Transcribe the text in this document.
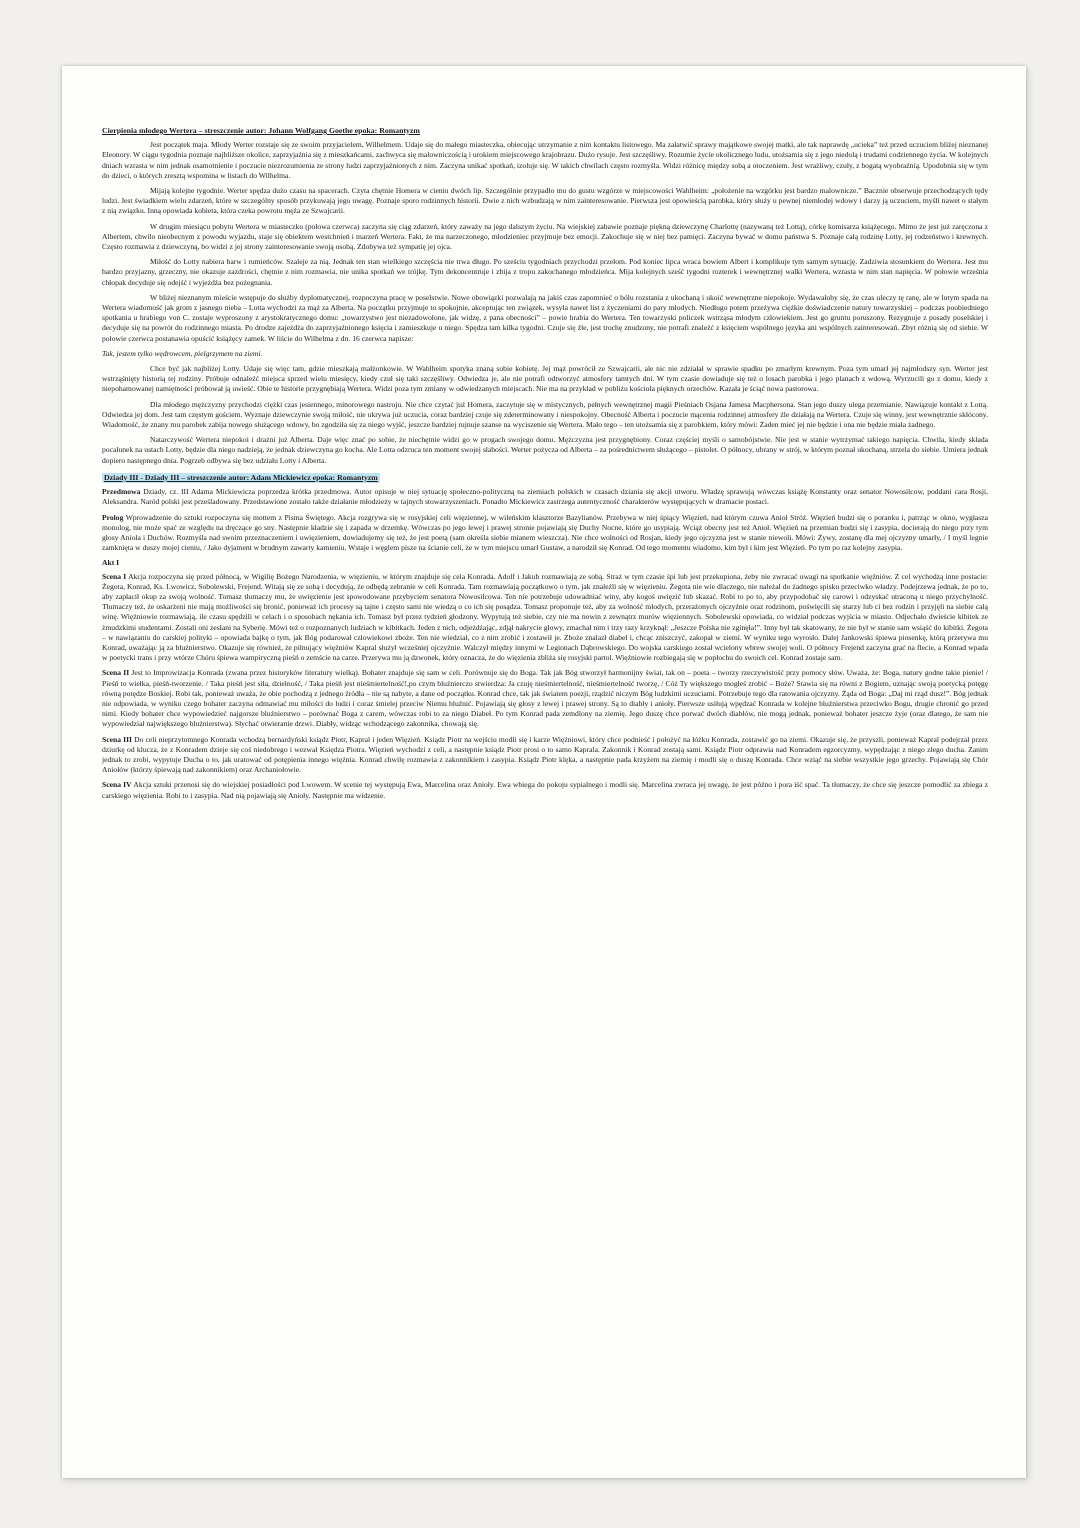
Cierpienia młodego Wertera – streszczenie autor: Johann Wolfgang Goethe epoka: Romantyzm

Jest początek maja. Młody Werter rozstaje się ze swoim przyjacielem, Wilhelmem. Udaje się do małego miasteczka, obiecując utrzymanie z nim kontaktu listowego. Ma załatwić sprawy majątkowe swojej matki, ale tak naprawdę „ucieka” też przed uczuciem bliżej nieznanej Eleonory. W ciągu tygodnia poznaje najbliższe okolice, zaprzyjaźnia się z mieszkańcami, zachwyca się malowniczością i urokiem miejscowego krajobrazu. Dużo rysuje. Jest szczęśliwy. Rozumie życie okolicznego ludu, utożsamia się z jego niedolą i trudami codziennego życia. W kolejnych dniach wzrasta w nim jednak osamotnienie i poczucie niezrozumienia ze strony ludzi zaprzyjaźnionych z nim. Zaczyna unikać spotkań, izoluje się. W takich chwilach często rozmyśla. Widzi różnicę między sobą a otoczeniem. Jest wrażliwy, czuły, z bogatą wyobraźnią. Upodobnia się w tym do dzieci, o których zresztą wspomina w listach do Wilhelma.

Mijają kolejne tygodnie. Werter spędza dużo czasu na spacerach. Czyta chętnie Homera w cieniu dwóch lip. Szczególnie przypadło mu do gustu wzgórze w miejscowości Wahlheim: „położenie na wzgórku jest bardzo malownicze.” Bacznie obserwuje przechodzących tędy ludzi. Jest świadkiem wielu zdarzeń, które w szczególny sposób przykuwają jego uwagę. Poznaje sporo rodzinnych historii. Dwie z nich wzbudzają w nim zainteresowanie. Pierwsza jest opowieścią parobka, który służy u pewnej niemłodej wdowy i darzy ją uczuciem, myśli nawet o stałym z nią związku. Inną opowiada kobieta, która czeka powrotu męża ze Szwajcarii.

W drugim miesiącu pobytu Wertera w miasteczku (połowa czerwca) zaczyna się ciąg zdarzeń, który zaważy na jego dalszym życiu. Na wiejskiej zabawie poznaje piękną dziewczynę Charlottę (nazywaną też Lottą), córkę komisarza książęcego. Mimo że jest już zaręczona z Albertem, chwilo nieobecnym z powodu wyjazdu, staje się obiektem westchnień i marzeń Wertera. Fakt, że ma narzeczonego, młodzieniec przyjmuje bez emocji. Zakochuje się w niej bez pamięci. Zaczyna bywać w domu państwa S. Poznaje całą rodzinę Lotty, jej rodzeństwo i krewnych. Często rozmawia z dziewczyną, bo widzi z jej strony zainteresowanie swoją osobą. Zdobywa też sympatię jej ojca.

Miłość do Lotty nabiera barw i rumieńców. Szaleje za nią. Jednak ten stan wielkiego szczęścia nie trwa długo. Po sześciu tygodniach przychodzi przełom. Pod koniec lipca wraca bowiem Albert i komplikuje tym samym sytuację. Zadziwia stosunkiem do Wertera. Jest mu bardzo przyjazny, grzeczny, nie okazuje zazdrości, chętnie z nim rozmawia, nie unika spotkań we trójkę. Tym dekoncentruje i zbija z tropu zakochanego młodzieńca. Mija kolejnych sześć tygodni rozterek i wewnętrznej walki Wertera, wzrasta w nim stan napięcia. W połowie września chłopak decyduje się odejść i wyjeżdża bez pożegnania.

W bliżej nieznanym mieście wstępuje do służby dyplomatycznej, rozpoczyna pracę w poselstwie. Nowe obowiązki pozwalają na jakiś czas zapomnieć o bólu rozstania z ukochaną i ukoić wewnętrzne niepokoje. Wydawałoby się, że czas uleczy tę ranę, ale w lutym spada na Wertera wiadomość jak grom z jasnego nieba – Lotta wychodzi za mąż za Alberta. Na początku przyjmuje to spokojnie, akceptując ten związek, wysyła nawet list z życzeniami do pary młodych. Niedługo potem przeżywa ciężkie doświadczenie natury towarzyskiej – podczas poobiedniego spotkania u hrabiego von C. zostaje wyproszony z arystokratycznego domu: „towarzystwo jest niezadowolone, jak widzę, z pana obecności” – powie hrabia do Wertera. Ten towarzyski policzek wstrząsa młodym człowiekiem. Jest go gruntu poruszony. Rezygnuje z posady poselskiej i decyduje się na powrót do rodzinnego miasta. Po drodze zajeżdża do zaprzyjaźnionego księcia i zamieszkuje u niego. Spędza tam kilka tygodni. Czuje się źle, jest trochę znudzony, nie potrafi znaleźć z księciem wspólnego języka ani wspólnych zainteresowań. Zbyt różnią się od siebie. W połowie czerwca postanawia opuścić książęcy zamek. W liście do Wilhelma z dn. 16 czerwca napisze:

Tak, jestem tylko wędrowcem, pielgrzymem na ziemi.

Chce być jak najbliżej Lotty. Udaje się więc tam, gdzie mieszkają małżonkowie. W Wahlheim spotyka znaną sobie kobietę. Jej mąż powrócił ze Szwajcarii, ale nic nie zdziałał w sprawie spadku po zmarłym krewnym. Poza tym umarł jej najmłodszy syn. Werter jest wstrząśnięty historią tej rodziny. Próbuje odnaleźć miejsca sprzed wielu miesięcy, kiedy czuł się taki szczęśliwy. Odwiedza je, ale nie potrafi odtworzyć atmosfery tamtych dni. W tym czasie dowiaduje się też o losach parobka i jego planach z wdową. Wyrzucili go z domu, kiedy z niepohamowanej namiętności próbował ją uwieść. Obie te historie przygnębiają Wertera. Widzi poza tym zmiany w odwiedzanych miejscach. Nie ma na przykład w pobliżu kościoła pięknych orzechów. Kazała je ściąć nowa pastorowa.

Dla młodego mężczyzny przychodzi ciężki czas jesiennego, minorowego nastroju. Nie chce czytać już Homera, zaczytuje się w mistycznych, pełnych wewnętrznej magii Pieśniach Osjana Jamesa Macphersona. Stan jego duszy ulega przemianie. Nawiązuje kontakt z Lottą. Odwiedza jej dom. Jest tam częstym gościem. Wyznaje dziewczynie swoją miłość, nie ukrywa już uczucia, coraz bardziej czuje się zdeterminowany i niespokojny. Obecność Alberta i poczucie mącenia rodzinnej atmosfery źle działają na Wertera. Czuje się winny, jest wewnętrznie skłócony. Wiadomość, że znany mu parobek zabija nowego służącego wdowy, bo zgodziła się za niego wyjść, jeszcze bardziej rujnuje szanse na wyciszenie się Wertera. Mało tego – ten utożsamia się z parobkiem, który mówi: Żaden mieć jej nie będzie i ona nie będzie miała żadnego.

Natarczywość Wertera niepokoi i drażni już Alberta. Daje więc znać po sobie, że niechętnie widzi go w progach swojego domu. Mężczyzna jest przygnębiony. Coraz częściej myśli o samobójstwie. Nie jest w stanie wytrzymać takiego napięcia. Chwila, kiedy składa pocałunek na ustach Lotty, będzie dla niego nadzieją, że jednak dziewczyna go kocha. Ale Lotta odzruca ten moment swojej słabości. Werter pożycza od Alberta – za pośrednictwem służącego – pistolet. O północy, ubrany w strój, w którym poznał ukochaną, strzela do siebie. Umiera jednak dopiero następnego dnia. Pogrzeb odbywa się bez udziału Lotty i Alberta.

Dziady III - Dziady III – streszczenie autor: Adam Mickiewicz epoka: Romantyzm

Przedmowa Dziady, cz. III Adama Mickiewicza poprzedza krótka przedmowa. Autor opisuje w niej sytuację społeczno-polityczną na ziemiach polskich w czasach dziania się akcji utworu. Władzę sprawują wówczas książę Konstanty oraz senator Nowosilcow, poddani cara Rosji, Aleksandra. Naród polski jest prześladowany. Przedstawione zostało także działanie młodzieży w tajnych stowarzyszeniach. Ponadto Mickiewicz zastrzega autentyczność charakterów występujących w dramacie postaci.

Prolog Wprowadzenie do sztuki rozpoczyna się mottem z Pisma Świętego. Akcja rozgrywa się w rosyjskiej celi więziennej, w wileńskim klasztorze Bazylianów. Przebywa w niej śpiący Więzień, nad którym czuwa Anioł Stróż. Więzień budzi się o poranku i, patrząc w okno, wygłasza monolog, nie może spać ze względu na dręczące go sny. Następnie kładzie się i zapada w drzemkę. Wówczas po jego lewej i prawej stronie pojawiają się Duchy Nocne, które go usypiają. Wciąż obecny jest też Anioł. Więzień na przemian budzi się i zasypia, docierają do niego przy tym głosy Anioła i Duchów. Rozmyśla nad swoim przeznaczeniem i uwięzieniem, dowiadujemy się też, że jest poetą (sam określa siebie mianem wieszcza). Nie chce wolności od Rosjan, kiedy jego ojczyzna jest w stanie niewoli. Mówi: Żywy, zostanę dla mej ojczyzny umarły, / I myśl legnie zamknięta w duszy mojej cieniu, / Jako dyjament w brudnym zawarty kamieniu. Wstaje i węglem pisze na ścianie celi, że w tym miejscu umarł Gustaw, a narodził się Konrad. Od tego momentu wiadomo, kim był i kim jest Więzień. Po tym po raz kolejny zasypia.

Akt I

Scena I Akcja rozpoczyna się przed północą, w Wigilię Bożego Narodzenia, w więzieniu, w którym znajduje się cela Konrada. Adolf i Jakub rozmawiają ze sobą. Straż w tym czasie śpi lub jest przekupiona, żeby nie zwracać uwagi na spotkanie więźniów. Z cel wychodzą inne postacie: Żegota, Konrad, Ks. Lwowicz, Sobolewski, Frejend. Witają się ze sobą i decydują, że odbędą zebranie w celi Konrada. Tam rozmawiają początkowo o tym, jak znaleźli się w więzieniu. Żegota nie wie dlaczego, nie należał do żadnego spisku przeciwko władzy. Podejrzewa jednak, że po to, aby zapłacił okup za swoją wolność. Tomasz tłumaczy mu, że uwięzienie jest spowodowane przybyciem senatora Nowosilcowa. Ten nie potrzebuje udowadniać winy, aby kogoś uwięzić lub skazać. Robi to po to, aby przypodobać się carowi i odzyskać utraconą u niego przychylność. Tłumaczy też, że oskarżeni nie mają możliwości się bronić, ponieważ ich procesy są tajne i często sami nie wiedzą o co ich się posądza. Tomasz proponuje też, aby za wolność młodych, przerażonych ojczyźnie oraz rodzinom, poświęcili się starzy lub ci bez rodzin i przyjęli na siebie całą winę. Więźniowie rozmawiają, ile czasu spędzili w celach i o sposobach nękania ich. Tomasz był przez tydzień głodzony. Wypytują też siebie, czy nie ma nowin z zewnątrz murów więziennych. Sobolewski opowiada, co widział podczas wyjścia w miasto. Odjechało dwieście kibitek ze żmudzkimi studentami. Zostali oni zesłani na Syberię. Mówi też o rozpoznanych ludziach w kibitkach. Jeden z nich, odjeżdżając, zdjął nakrycie głowy, zmachał nim i trzy razy krzyknął: „Jeszcze Polska nie zginęła!”. Inny był tak skatowany, że nie był w stanie sam wsiąść do kibitki. Żegota – w nawiązaniu do carskiej polityki – opowiada bajkę o tym, jak Bóg podarował człowiekowi zboże. Ten nie wiedział, co z nim zrobić i zostawił je. Zboże znalazł diabeł i, chcąc zniszczyć, zakopał w ziemi. W wyniku tego wyrosło. Dalej Jankowski śpiewa piosenkę, którą przerywa mu Konrad, uważając ją za bluźnierstwo. Okazuje się również, że pilnujący więźniów Kapral służył wcześniej ojczyźnie. Walczył między innymi w Legionach Dąbrowskiego. Do wojska carskiego został wcielony wbrew swojej woli. O północy Frejend zaczyna grać na flecie, a Konrad wpada w poetycki trans i przy wtórze Chóru śpiewa wampiryczną pieśń o zemście na carze. Przerywa mu ją dzwonek, który oznacza, że do więzienia zbliża się rosyjski partol. Więźniowie rozbiegają się w popłochu do swoich cel. Konrad zostaje sam.

Scena II Jest to Improwizacja Konrada (zwana przez historyków literatury wielką). Bohater znajduje się sam w celi. Porównuje się do Boga. Tak jak Bóg stworzył harmonijny świat, tak on – poeta – tworzy rzeczywistość przy pomocy słów. Uważa, że: Boga, natury godne takie pienie! / Pieśń to wielka, pieśń-tworzenie. / Taka pieśń jest siła, dzielność, / Taka pieśń jest nieśmiertelność!,po czym bluźnierczo stwierdza: Ja czuję nieśmiertelność, nieśmiertelność tworzę, / Cóż Ty większego mogłeś zrobić – Boże? Stawia się na równi z Bogiem, uznając swoją poetycką potęgę równą potędze Boskiej. Robi tak, ponieważ uważa, że obie pochodzą z jednego źródła – nie są nabyte, a dane od początku. Konrad chce, tak jak światem poezji, rządzić niczym Bóg ludzkimi uczuciami. Potrzebuje tego dla ratowania ojczyzny. Żąda od Boga: „Daj mi rząd dusz!”. Bóg jednak nie odpowiada, w wyniku czego bohater zaczyna odmawiać mu miłości do ludzi i coraz śmielej przeciw Niemu bluźnić. Pojawiają się głosy z lewej i prawej strony. Są to diabły i anioły. Pierwsze usiłują wpędzać Konrada w kolejne bluźnierstwa przeciwko Bogu, drugie chronić go przed nimi. Kiedy bohater chce wypowiedzieć najgorsze bluźnierstwo – porównać Boga z carem, wówczas robi to za niego Diabeł. Po tym Konrad pada zemdlony na ziemię. Jego duszę chce porwać dwóch diabłów, nie mogą jednak, ponieważ bohater jeszcze żyje (oraz dlatego, że sam nie wypowiedział największego bluźnierstwa). Słychać otwieranie drzwi. Diabły, widząc wchodzącego zakonnika, chowają się.

Scena III Do celi nieprzytomnego Konrada wchodzą bernardyński ksiądz Piotr, Kapral i jeden Więzień. Ksiądz Piotr na wejściu modli się i karze Więźniowi, który chce podnieść i położyć na łóżku Konrada, zostawić go na ziemi. Okazuje się, że przyszli, ponieważ Kapral podejrzał przez dziurkę od klucza, że z Konradem dzieje się coś niedobrego i wezwał Księdza Piotra. Więzień wychodzi z celi, a następnie ksiądz Piotr prosi o to samo Kaprala. Zakonnik i Konrad zostają sami. Ksiądz Piotr odprawia nad Konradem egzorcyzmy, wypędzając z niego złego ducha. Zanim jednak to zrobi, wypytuje Ducha o to, jak uratować od potępienia innego więźnia. Konrad chwilę rozmawia z zakonnikiem i zasypia. Ksiądz Piotr klęka, a następnie pada krzyżem na ziemię i modli się o duszę Konrada. Chce wziąć na siebie wszystkie jego grzechy. Pojawiają się Chór Aniołów (którzy śpiewają nad zakonnikiem) oraz Archaniołowie.

Scena IV Akcja sztuki przenosi się do wiejskiej posiadłości pod Lwowem. W scenie tej występują Ewa, Marcelina oraz Anioły. Ewa wbiega do pokoju sypialnego i modli się. Marcelina zwraca jej uwagę, że jest późno i pora iść spać. Ta tłumaczy, że chce się jeszcze pomodlić za zbiega z carskiego więzienia. Robi to i zasypia. Nad nią pojawiają się Anioły. Następnie ma widzenie.
